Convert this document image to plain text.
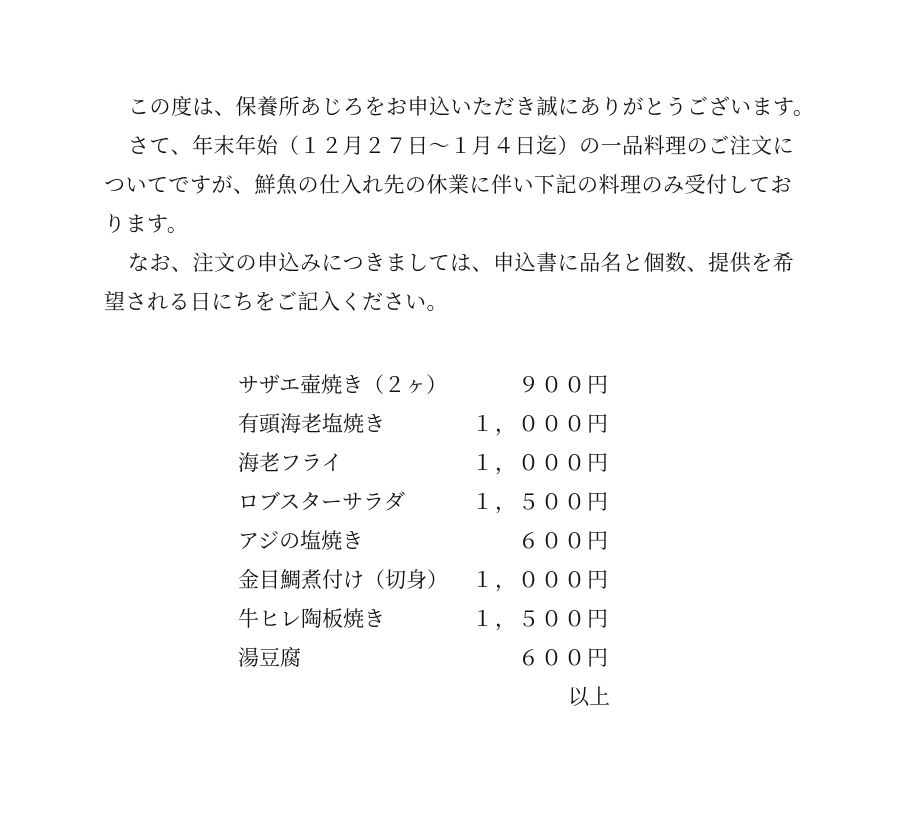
この度は、保養所あじろをお申込いただき誠にありがとうございます。
さて、年末年始（１２月２７日～１月４日迄）の一品料理のご注文に
ついてですが、鮮魚の仕入れ先の休業に伴い下記の料理のみ受付してお
ります。
なお、注文の申込みにつきましては、申込書に品名と個数、提供を希
望される日にちをご記入ください。

サザエ壷焼き（２ヶ）	９００円
有頭海老塩焼き	１，０００円
海老フライ	１，０００円
ロブスターサラダ	１，５００円
アジの塩焼き	６００円
金目鯛煮付け（切身） １，０００円
牛ヒレ陶板焼き	１，５００円
湯豆腐	６００円
以上
